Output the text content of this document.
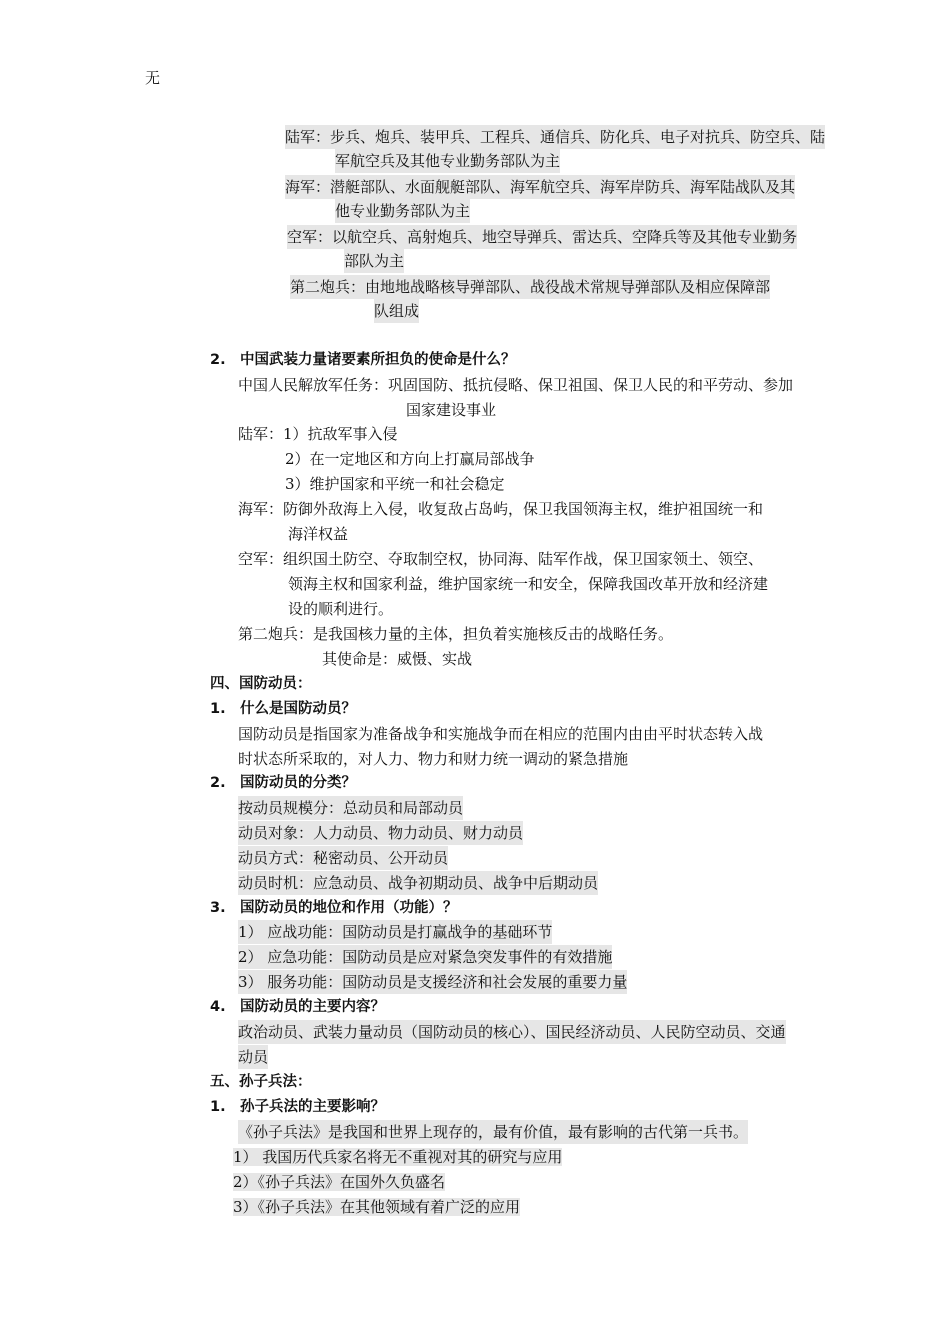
无
陆军：步兵、炮兵、装甲兵、工程兵、通信兵、防化兵、电子对抗兵、防空兵、陆
军航空兵及其他专业勤务部队为主
海军：潜艇部队、水面舰艇部队、海军航空兵、海军岸防兵、海军陆战队及其
他专业勤务部队为主
空军：以航空兵、高射炮兵、地空导弹兵、雷达兵、空降兵等及其他专业勤务
部队为主
第二炮兵：由地地战略核导弹部队、战役战术常规导弹部队及相应保障部
队组成
2. 中国武装力量诸要素所担负的使命是什么？
中国人民解放军任务：巩固国防、抵抗侵略、保卫祖国、保卫人民的和平劳动、参加
国家建设事业
陆军：1）抗敌军事入侵
2）在一定地区和方向上打赢局部战争
3）维护国家和平统一和社会稳定
海军：防御外敌海上入侵，收复敌占岛屿，保卫我国领海主权，维护祖国统一和
海洋权益
空军：组织国土防空、夺取制空权，协同海、陆军作战，保卫国家领土、领空、
领海主权和国家利益，维护国家统一和安全，保障我国改革开放和经济建
设的顺利进行。
第二炮兵：是我国核力量的主体，担负着实施核反击的战略任务。
其使命是：威慑、实战
四、国防动员：
1. 什么是国防动员？
国防动员是指国家为准备战争和实施战争而在相应的范围内由由平时状态转入战
时状态所采取的，对人力、物力和财力统一调动的紧急措施
2. 国防动员的分类？
按动员规模分：总动员和局部动员
动员对象：人力动员、物力动员、财力动员
动员方式：秘密动员、公开动员
动员时机：应急动员、战争初期动员、战争中后期动员
3. 国防动员的地位和作用（功能）？
1） 应战功能：国防动员是打赢战争的基础环节
2） 应急功能：国防动员是应对紧急突发事件的有效措施
3） 服务功能：国防动员是支援经济和社会发展的重要力量
4. 国防动员的主要内容？
政治动员、武装力量动员（国防动员的核心）、国民经济动员、人民防空动员、交通
动员
五、孙子兵法：
1. 孙子兵法的主要影响？
《孙子兵法》是我国和世界上现存的，最有价值，最有影响的古代第一兵书。
1） 我国历代兵家名将无不重视对其的研究与应用
2）《孙子兵法》在国外久负盛名
3）《孙子兵法》在其他领域有着广泛的应用
